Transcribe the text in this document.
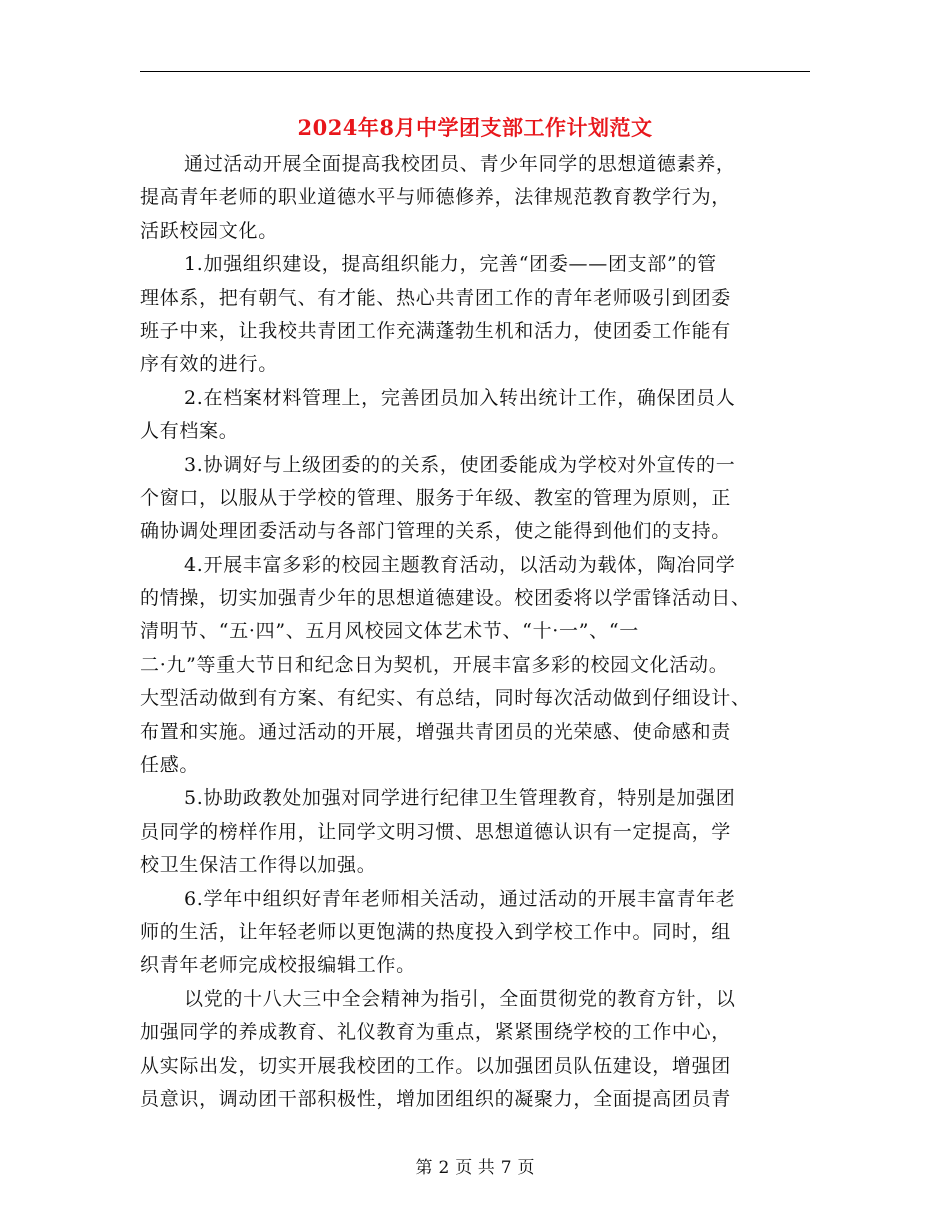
2024年8月中学团支部工作计划范文
通过活动开展全面提高我校团员、青少年同学的思想道德素养，
提高青年老师的职业道德水平与师德修养，法律规范教育教学行为，
活跃校园文化。
1.加强组织建设，提高组织能力，完善“团委——团支部”的管
理体系，把有朝气、有才能、热心共青团工作的青年老师吸引到团委
班子中来，让我校共青团工作充满蓬勃生机和活力，使团委工作能有
序有效的进行。
2.在档案材料管理上，完善团员加入转出统计工作，确保团员人
人有档案。
3.协调好与上级团委的的关系，使团委能成为学校对外宣传的一
个窗口，以服从于学校的管理、服务于年级、教室的管理为原则，正
确协调处理团委活动与各部门管理的关系，使之能得到他们的支持。
4.开展丰富多彩的校园主题教育活动，以活动为载体，陶冶同学
的情操，切实加强青少年的思想道德建设。校团委将以学雷锋活动日、
清明节、“五·四”、五月风校园文体艺术节、“十·一”、“一
二·九”等重大节日和纪念日为契机，开展丰富多彩的校园文化活动。
大型活动做到有方案、有纪实、有总结，同时每次活动做到仔细设计、
布置和实施。通过活动的开展，增强共青团员的光荣感、使命感和责
任感。
5.协助政教处加强对同学进行纪律卫生管理教育，特别是加强团
员同学的榜样作用，让同学文明习惯、思想道德认识有一定提高，学
校卫生保洁工作得以加强。
6.学年中组织好青年老师相关活动，通过活动的开展丰富青年老
师的生活，让年轻老师以更饱满的热度投入到学校工作中。同时，组
织青年老师完成校报编辑工作。
以党的十八大三中全会精神为指引，全面贯彻党的教育方针，以
加强同学的养成教育、礼仪教育为重点，紧紧围绕学校的工作中心，
从实际出发，切实开展我校团的工作。以加强团员队伍建设，增强团
员意识，调动团干部积极性，增加团组织的凝聚力，全面提高团员青
第 2 页 共 7 页
